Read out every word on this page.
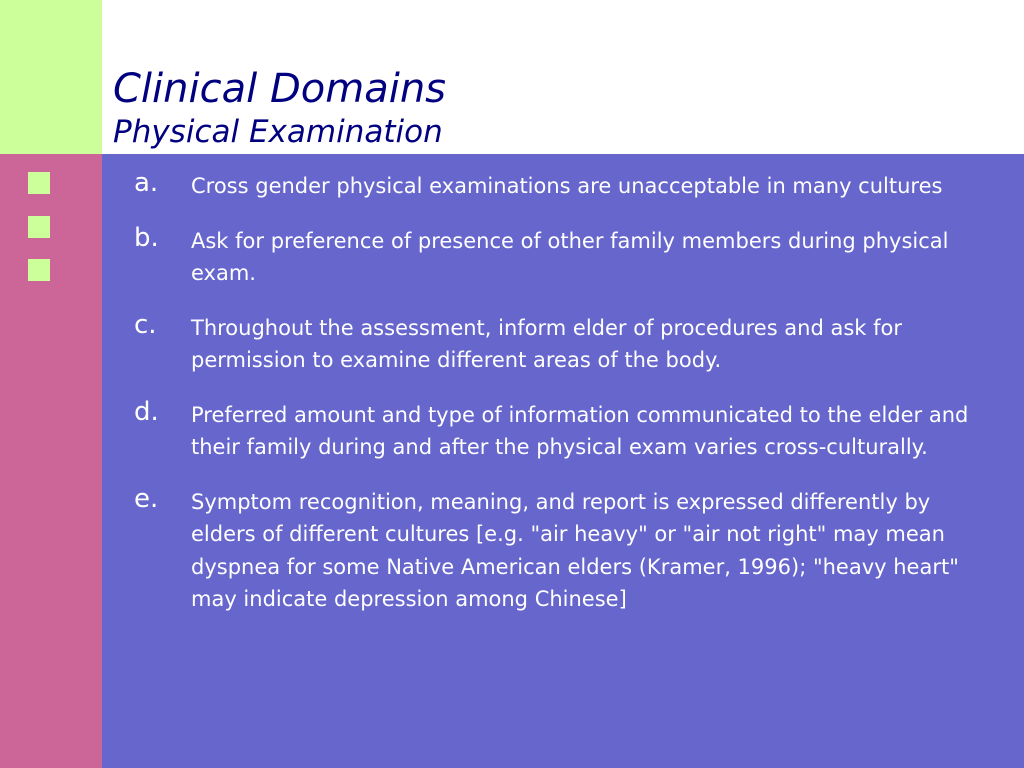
Clinical Domains
Physical Examination
a. Cross gender physical examinations are unacceptable in many cultures
b. Ask for preference of presence of other family members during physical exam.
c. Throughout the assessment, inform elder of procedures and ask for permission to examine different areas of the body.
d. Preferred amount and type of information communicated to the elder and their family during and after the physical exam varies cross-culturally.
e. Symptom recognition, meaning, and report is expressed differently by elders of different cultures [e.g. "air heavy" or "air not right" may mean dyspnea for some Native American elders (Kramer, 1996); "heavy heart" may indicate depression among Chinese]
